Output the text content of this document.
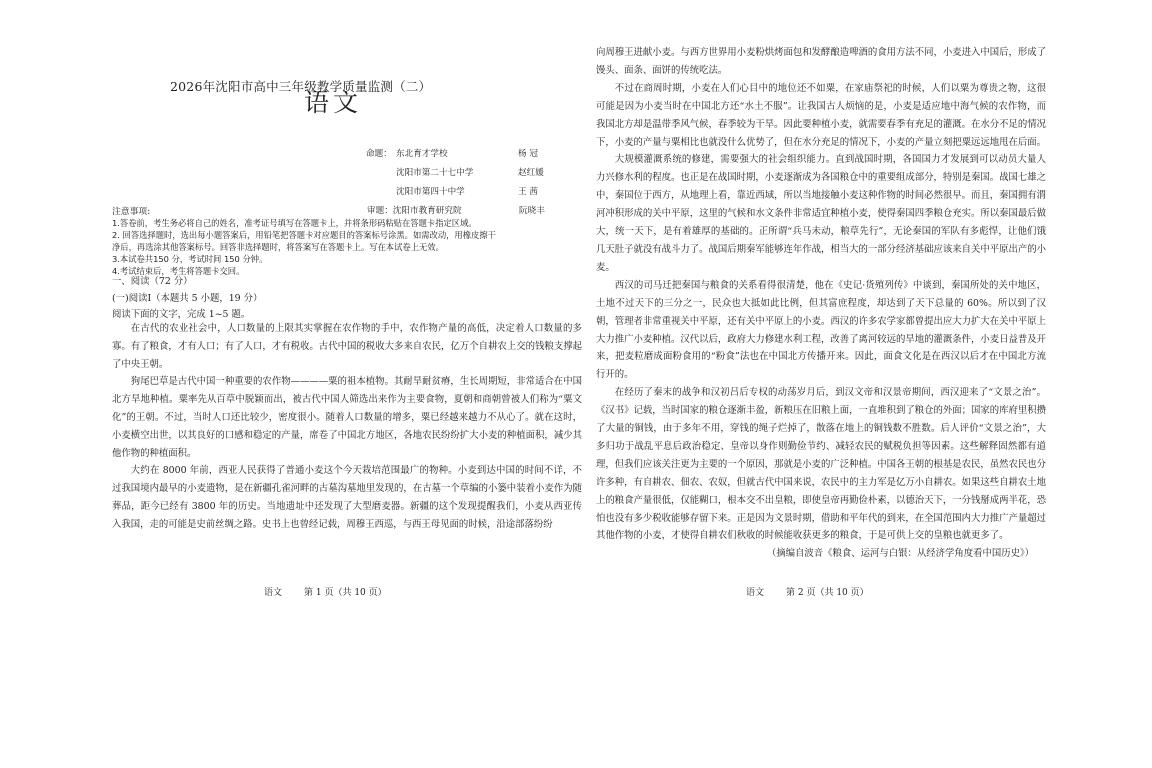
2026年沈阳市高中三年级教学质量监测（二）
语文
命题： 东北育才学校	杨 冠
沈阳市第二十七中学	赵红媛
沈阳市第四十中学	王 茜
注意事项:	审题：沈阳市教育研究院	阮晓丰
1.答卷前，考生务必将自己的姓名，准考证号填写在答题卡上，并将条形码粘贴在答题卡指定区域。
2. 回答选择题时，选出每小题答案后，用铅笔把答题卡对应题目的答案标号涂黑。如需改动，用橡皮擦干
净后，再选涂其他答案标号。回答非选择题时，将答案写在答题卡上。写在本试卷上无效。
3.本试卷共150 分，考试时间 150 分钟。
4.考试结束后，考生将答题卡交回。
一、阅读（72 分）
(一)阅读Ⅰ（本题共 5 小题，19 分）
阅读下面的文字，完成 1~5 题。

在古代的农业社会中，人口数量的上限其实掌握在农作物的手中，农作物产量的高低，决定着人口数量的多寡。有了粮食，才有人口；有了人口，才有税收。古代中国的税收大多来自农民，亿万个自耕农上交的钱粮支撑起了中央王朝。

狗尾巴草是古代中国一种重要的农作物————粟的祖本植物。其耐旱耐贫瘠，生长周期短，非常适合在中国北方旱地种植。粟率先从百草中脱颖而出，被古代中国人筛选出来作为主要食物，夏朝和商朝曾被人们称为“粟文化”的王朝。不过，当时人口还比较少，密度很小。随着人口数量的增多，粟已经越来越力不从心了。就在这时，小麦横空出世，以其良好的口感和稳定的产量，席卷了中国北方地区，各地农民纷纷扩大小麦的种植面积，减少其他作物的种植面积。

大约在 8000 年前，西亚人民获得了普通小麦这个今天栽培范围最广的物种。小麦到达中国的时间不详，不过我国境内最早的小麦遗物，是在新疆孔雀河畔的古墓沟墓地里发现的，在古墓一个草编的小篓中装着小麦作为随葬品，距今已经有 3800 年的历史。当地遗址中还发现了大型磨麦器。新疆的这个发现提醒我们，小麦从西亚传入我国，走的可能是史前丝绸之路。史书上也曾经记载，周穆王西巡，与西王母见面的时候，沿途部落纷纷

语文 第 1 页（共 10 页）

向周穆王进献小麦。与西方世界用小麦粉烘烤面包和发酵酿造啤酒的食用方法不同，小麦进入中国后，形成了馒头、面条、面饼的传统吃法。

不过在商周时期，小麦在人们心目中的地位还不如粟，在家庙祭祀的时候，人们以粟为尊贵之物，这很可能是因为小麦当时在中国北方还“水土不服”。让我国古人烦恼的是，小麦是适应地中海气候的农作物，而我国北方却是温带季风气候，春季较为干旱。因此要种植小麦，就需要春季有充足的灌溉。在水分不足的情况下，小麦的产量与粟相比也就没什么优势了，但在水分充足的情况下，小麦的产量立刻把粟远远地甩在后面。

大规模灌溉系统的修建，需要强大的社会组织能力。直到战国时期，各国国力才发展到可以动员大量人力兴修水利的程度。也正是在战国时期，小麦逐渐成为各国粮仓中的重要组成部分，特别是秦国。战国七雄之中，秦国位于西方，从地理上看，靠近西域，所以当地接触小麦这种作物的时间必然很早。而且，秦国拥有渭河冲积形成的关中平原，这里的气候和水文条件非常适宜种植小麦，使得秦国四季粮仓充实。所以秦国最后做大，统一天下，是有着雄厚的基础的。正所谓“兵马未动，粮草先行”，无论秦国的军队有多彪悍，让他们饿几天肚子就没有战斗力了。战国后期秦军能够连年作战，相当大的一部分经济基础应该来自关中平原出产的小麦。

西汉的司马迁把秦国与粮食的关系看得很清楚，他在《史记·货殖列传》中谈到，秦国所处的关中地区，土地不过天下的三分之一，民众也大抵如此比例，但其富庶程度，却达到了天下总量的 60%。所以到了汉朝，管理者非常重视关中平原，还有关中平原上的小麦。西汉的许多农学家都曾提出应大力扩大在关中平原上大力推广小麦种植。汉代以后，政府大力修建水利工程，改善了离河较远的旱地的灌溉条件，小麦日益普及开来，把麦粒磨成面粉食用的“粉食”法也在中国北方传播开来。因此，面食文化是在西汉以后才在中国北方流行开的。

在经历了秦末的战争和汉初吕后专权的动荡岁月后，到汉文帝和汉景帝期间，西汉迎来了“文景之治”。《汉书》记载，当时国家的粮仓逐渐丰盈，新粮压在旧粮上面，一直堆积到了粮仓的外面；国家的库府里积攒了大量的铜钱，由于多年不用，穿钱的绳子烂掉了，散落在地上的铜钱数不胜数。后人评价“文景之治”，大多归功于战乱平息后政治稳定、皇帝以身作则勤俭节约、减轻农民的赋税负担等因素。这些解释固然都有道理，但我们应该关注更为主要的一个原因，那就是小麦的广泛种植。中国各王朝的根基是农民，虽然农民也分许多种，有自耕农、佃农、农奴，但就古代中国来说，农民中的主力军是亿万小自耕农。如果这些自耕农土地上的粮食产量很低，仅能糊口，根本交不出皇粮，即使皇帝再勤俭朴素，以德治天下，一分钱掰成两半花，恐怕也没有多少税收能够存留下来。正是因为文景时期，借助和平年代的到来，在全国范围内大力推广产量超过其他作物的小麦，才使得自耕农们秋收的时候能收获更多的粮食，于是可供上交的皇粮也就更多了。

（摘编自波音《粮食、运河与白银：从经济学角度看中国历史》）

语文 第 2 页（共 10 页）
